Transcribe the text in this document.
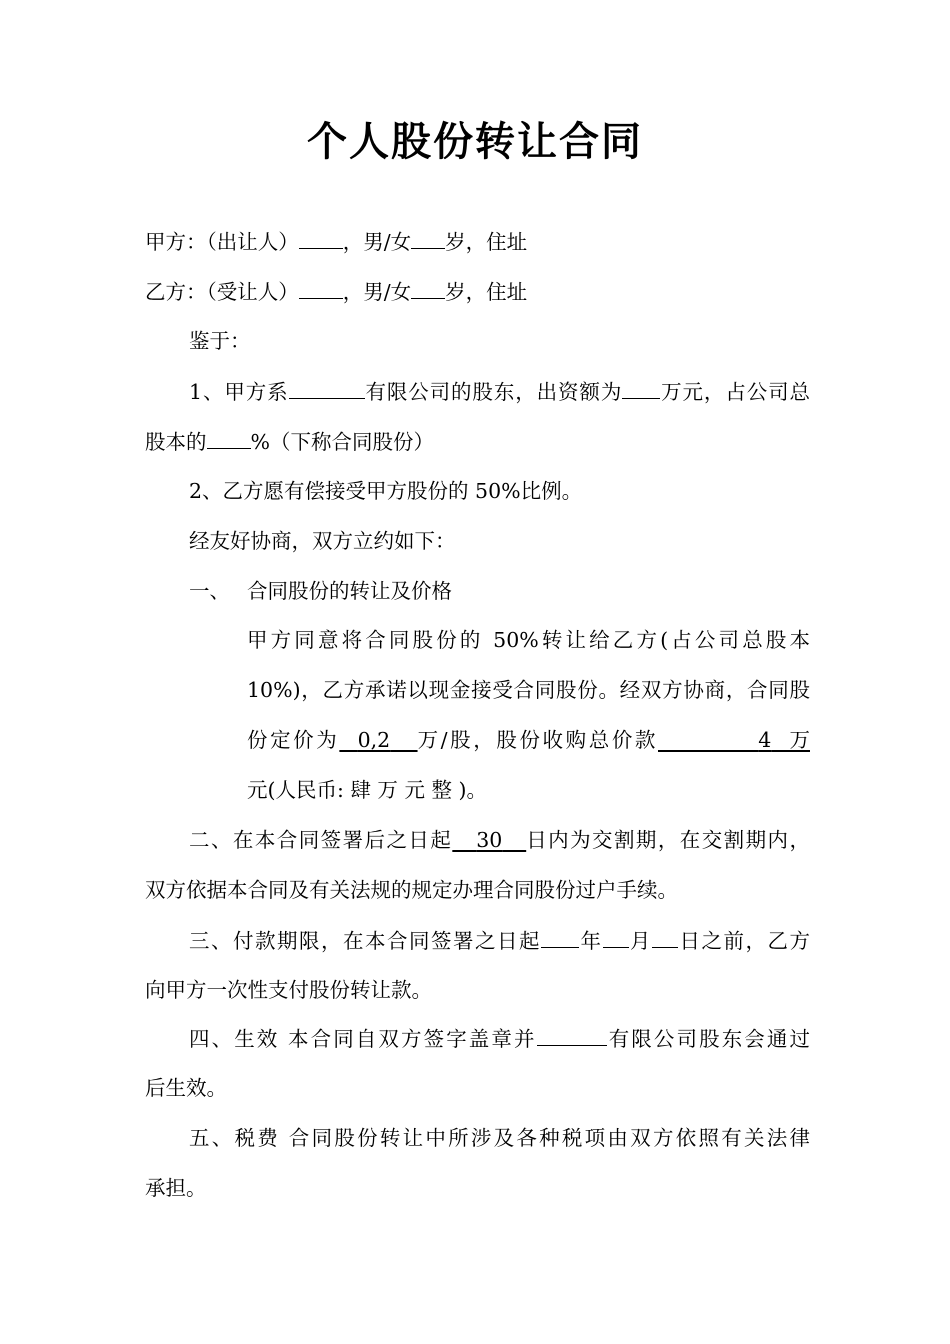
个人股份转让合同
甲方：（出让人） ，男/女 岁，住址
乙方：（受让人） ，男/女 岁，住址
鉴于：
1、甲方系	有限公司的股东，出资额为 万元，占公司总
股本的 %（下称合同股份）
2、乙方愿有偿接受甲方股份的 50%比例。
经友好协商，双方立约如下：
一、 合同股份的转让及价格
甲方同意将合同股份的 50%转让给乙方(占公司总股本
10%)，乙方承诺以现金接受合同股份。经双方协商，合同股
份定价为 0,2 万/股，股份收购总价款	4 万
元(人民币: 肆 万 元 整 )。
二、在本合同签署后之日起 30 日内为交割期，在交割期内，
双方依据本合同及有关法规的规定办理合同股份过户手续。
三、付款期限，在本合同签署之日起 年 月 日之前，乙方
向甲方一次性支付股份转让款。
四、生效 本合同自双方签字盖章并	有限公司股东会通过
后生效。
五、税费 合同股份转让中所涉及各种税项由双方依照有关法律
承担。
